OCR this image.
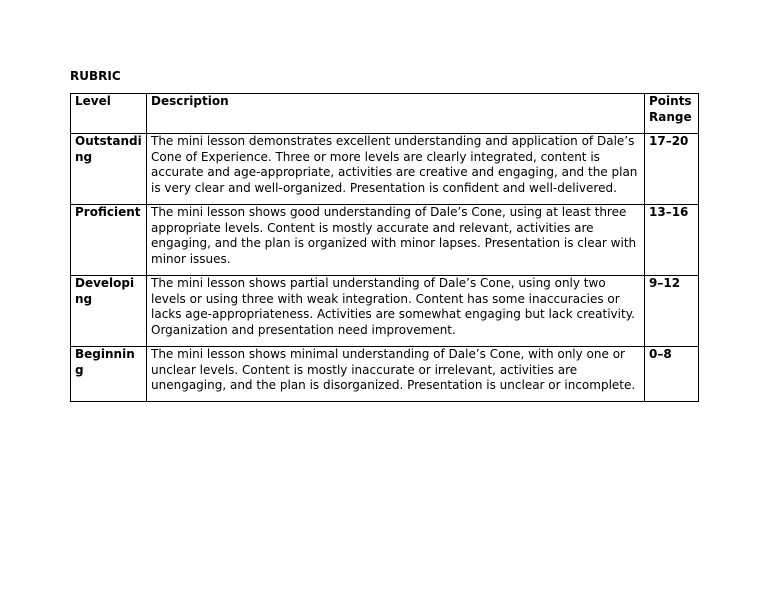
RUBRIC
Level	Description	Points Range
Outstanding	The mini lesson demonstrates excellent understanding and application of Dale’s Cone of Experience. Three or more levels are clearly integrated, content is accurate and age-appropriate, activities are creative and engaging, and the plan is very clear and well-organized. Presentation is confident and well-delivered.	17–20
Proficient	The mini lesson shows good understanding of Dale’s Cone, using at least three appropriate levels. Content is mostly accurate and relevant, activities are engaging, and the plan is organized with minor lapses. Presentation is clear with minor issues.	13–16
Developing	The mini lesson shows partial understanding of Dale’s Cone, using only two levels or using three with weak integration. Content has some inaccuracies or lacks age-appropriateness. Activities are somewhat engaging but lack creativity. Organization and presentation need improvement.	9–12
Beginning	The mini lesson shows minimal understanding of Dale’s Cone, with only one or unclear levels. Content is mostly inaccurate or irrelevant, activities are unengaging, and the plan is disorganized. Presentation is unclear or incomplete.	0–8
